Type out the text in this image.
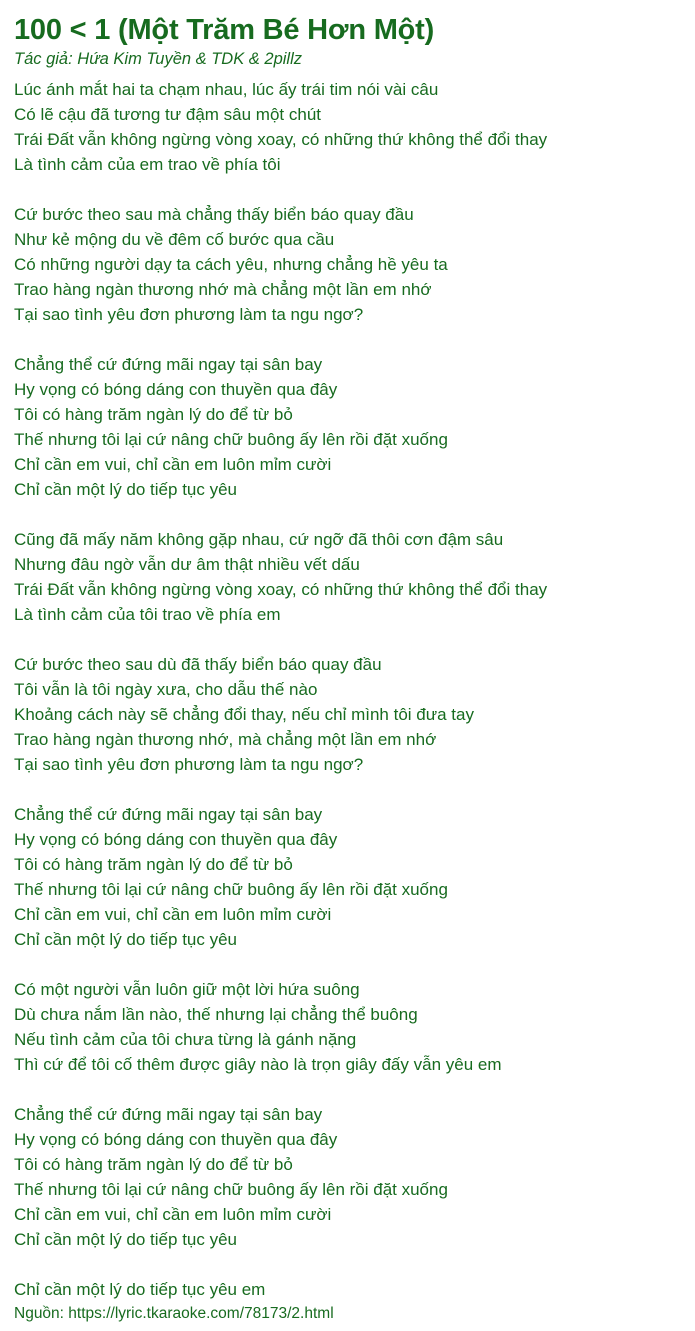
100 < 1 (Một Trăm Bé Hơn Một)
Tác giả: Hứa Kim Tuyền & TDK & 2pillz
Lúc ánh mắt hai ta chạm nhau, lúc ấy trái tim nói vài câu
Có lẽ cậu đã tương tư đậm sâu một chút
Trái Đất vẫn không ngừng vòng xoay, có những thứ không thể đổi thay
Là tình cảm của em trao về phía tôi
Cứ bước theo sau mà chẳng thấy biển báo quay đầu
Như kẻ mộng du về đêm cố bước qua cầu
Có những người dạy ta cách yêu, nhưng chẳng hề yêu ta
Trao hàng ngàn thương nhớ mà chẳng một lần em nhớ
Tại sao tình yêu đơn phương làm ta ngu ngơ?
Chẳng thể cứ đứng mãi ngay tại sân bay
Hy vọng có bóng dáng con thuyền qua đây
Tôi có hàng trăm ngàn lý do để từ bỏ
Thế nhưng tôi lại cứ nâng chữ buông ấy lên rồi đặt xuống
Chỉ cần em vui, chỉ cần em luôn mỉm cười
Chỉ cần một lý do tiếp tục yêu
Cũng đã mấy năm không gặp nhau, cứ ngỡ đã thôi cơn đậm sâu
Nhưng đâu ngờ vẫn dư âm thật nhiều vết dấu
Trái Đất vẫn không ngừng vòng xoay, có những thứ không thể đổi thay
Là tình cảm của tôi trao về phía em
Cứ bước theo sau dù đã thấy biển báo quay đầu
Tôi vẫn là tôi ngày xưa, cho dẫu thế nào
Khoảng cách này sẽ chẳng đổi thay, nếu chỉ mình tôi đưa tay
Trao hàng ngàn thương nhớ, mà chẳng một lần em nhớ
Tại sao tình yêu đơn phương làm ta ngu ngơ?
Chẳng thể cứ đứng mãi ngay tại sân bay
Hy vọng có bóng dáng con thuyền qua đây
Tôi có hàng trăm ngàn lý do để từ bỏ
Thế nhưng tôi lại cứ nâng chữ buông ấy lên rồi đặt xuống
Chỉ cần em vui, chỉ cần em luôn mỉm cười
Chỉ cần một lý do tiếp tục yêu
Có một người vẫn luôn giữ một lời hứa suông
Dù chưa nắm lần nào, thế nhưng lại chẳng thể buông
Nếu tình cảm của tôi chưa từng là gánh nặng
Thì cứ để tôi cố thêm được giây nào là trọn giây đấy vẫn yêu em
Chẳng thể cứ đứng mãi ngay tại sân bay
Hy vọng có bóng dáng con thuyền qua đây
Tôi có hàng trăm ngàn lý do để từ bỏ
Thế nhưng tôi lại cứ nâng chữ buông ấy lên rồi đặt xuống
Chỉ cần em vui, chỉ cần em luôn mỉm cười
Chỉ cần một lý do tiếp tục yêu
Chỉ cần một lý do tiếp tục yêu em
Nguồn: https://lyric.tkaraoke.com/78173/2.html
